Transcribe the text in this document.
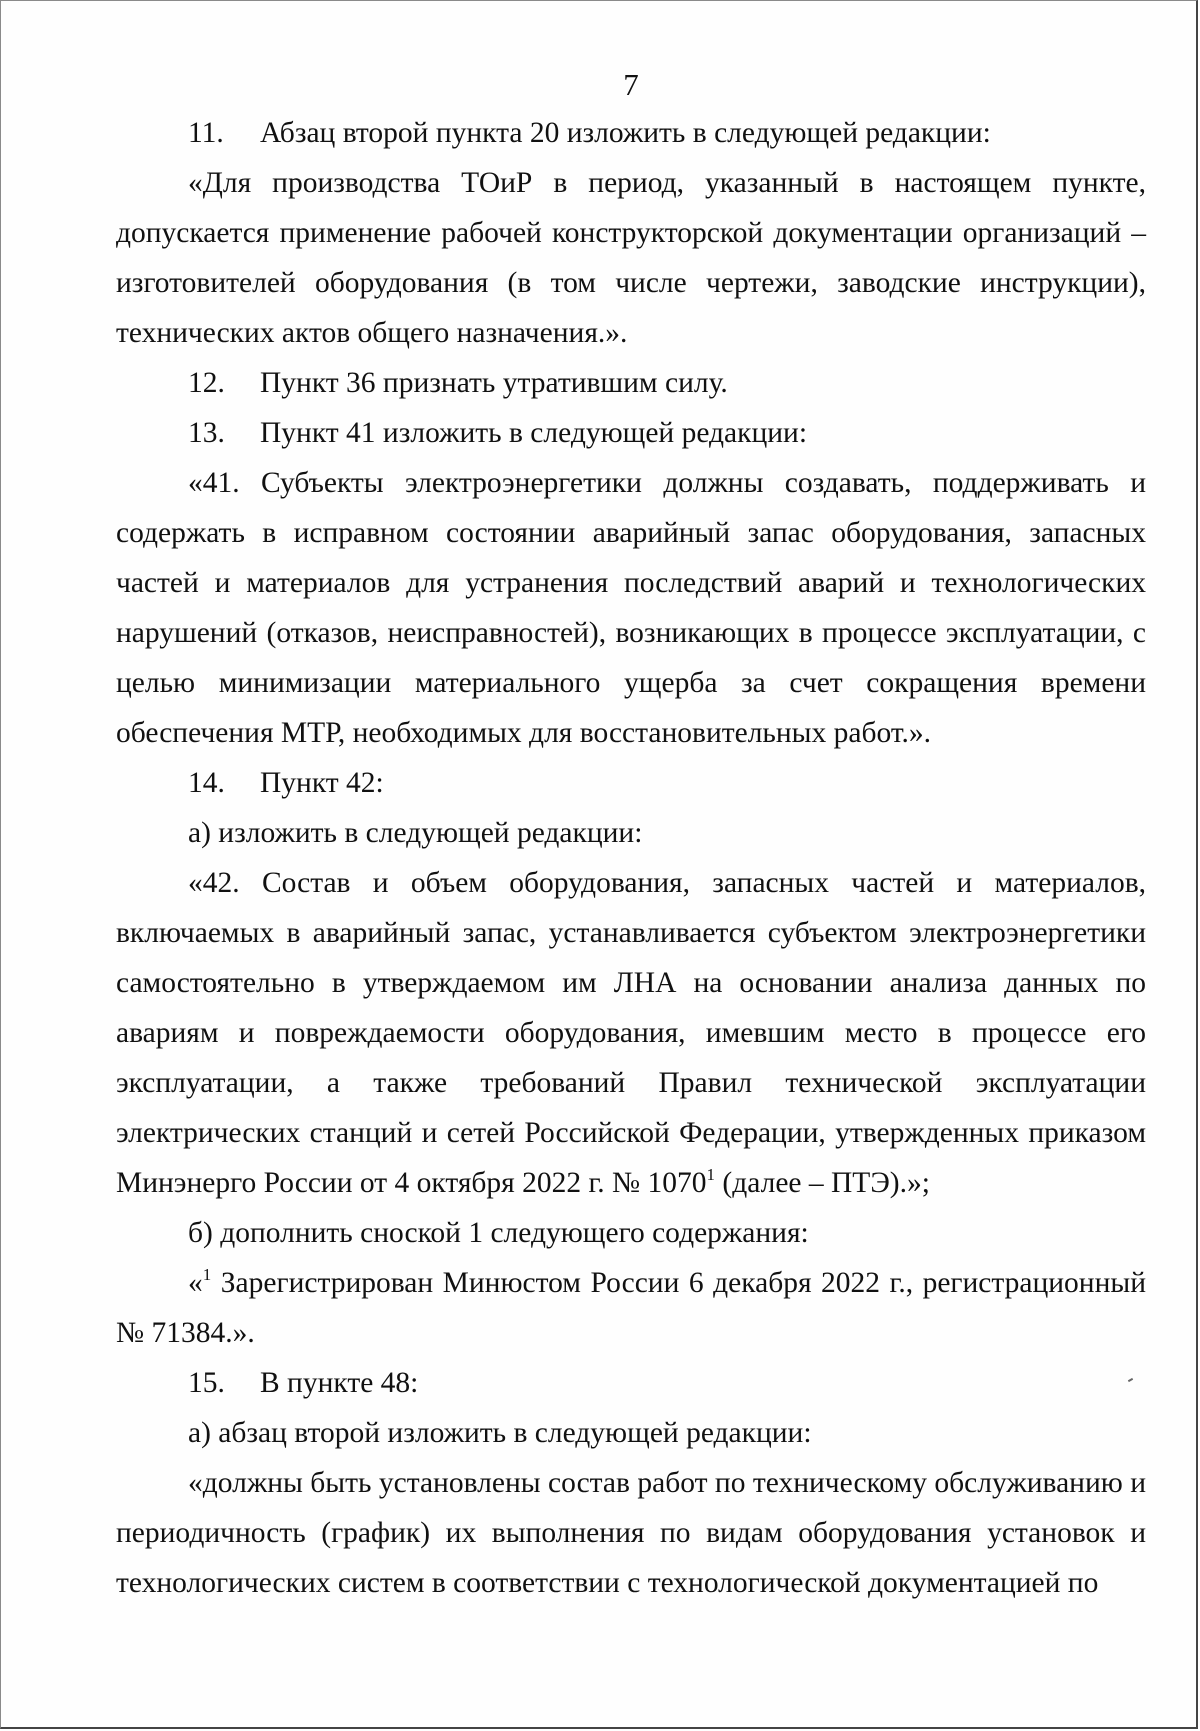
7

11. Абзац второй пункта 20 изложить в следующей редакции:

«Для производства ТОиР в период, указанный в настоящем пункте, допускается применение рабочей конструкторской документации организаций – изготовителей оборудования (в том числе чертежи, заводские инструкции), технических актов общего назначения.».

12. Пункт 36 признать утратившим силу.

13. Пункт 41 изложить в следующей редакции:

«41. Субъекты электроэнергетики должны создавать, поддерживать и содержать в исправном состоянии аварийный запас оборудования, запасных частей и материалов для устранения последствий аварий и технологических нарушений (отказов, неисправностей), возникающих в процессе эксплуатации, с целью минимизации материального ущерба за счет сокращения времени обеспечения МТР, необходимых для восстановительных работ.».

14. Пункт 42:

а) изложить в следующей редакции:

«42. Состав и объем оборудования, запасных частей и материалов, включаемых в аварийный запас, устанавливается субъектом электроэнергетики самостоятельно в утверждаемом им ЛНА на основании анализа данных по авариям и повреждаемости оборудования, имевшим место в процессе его эксплуатации, а также требований Правил технической эксплуатации электрических станций и сетей Российской Федерации, утвержденных приказом Минэнерго России от 4 октября 2022 г. № 1070$^1$ (далее – ПТЭ).»;

б) дополнить сноской 1 следующего содержания:

«$^1$ Зарегистрирован Минюстом России 6 декабря 2022 г., регистрационный № 71384.».

15. В пункте 48:

а) абзац второй изложить в следующей редакции:

«должны быть установлены состав работ по техническому обслуживанию и периодичность (график) их выполнения по видам оборудования установок и технологических систем в соответствии с технологической документацией по
